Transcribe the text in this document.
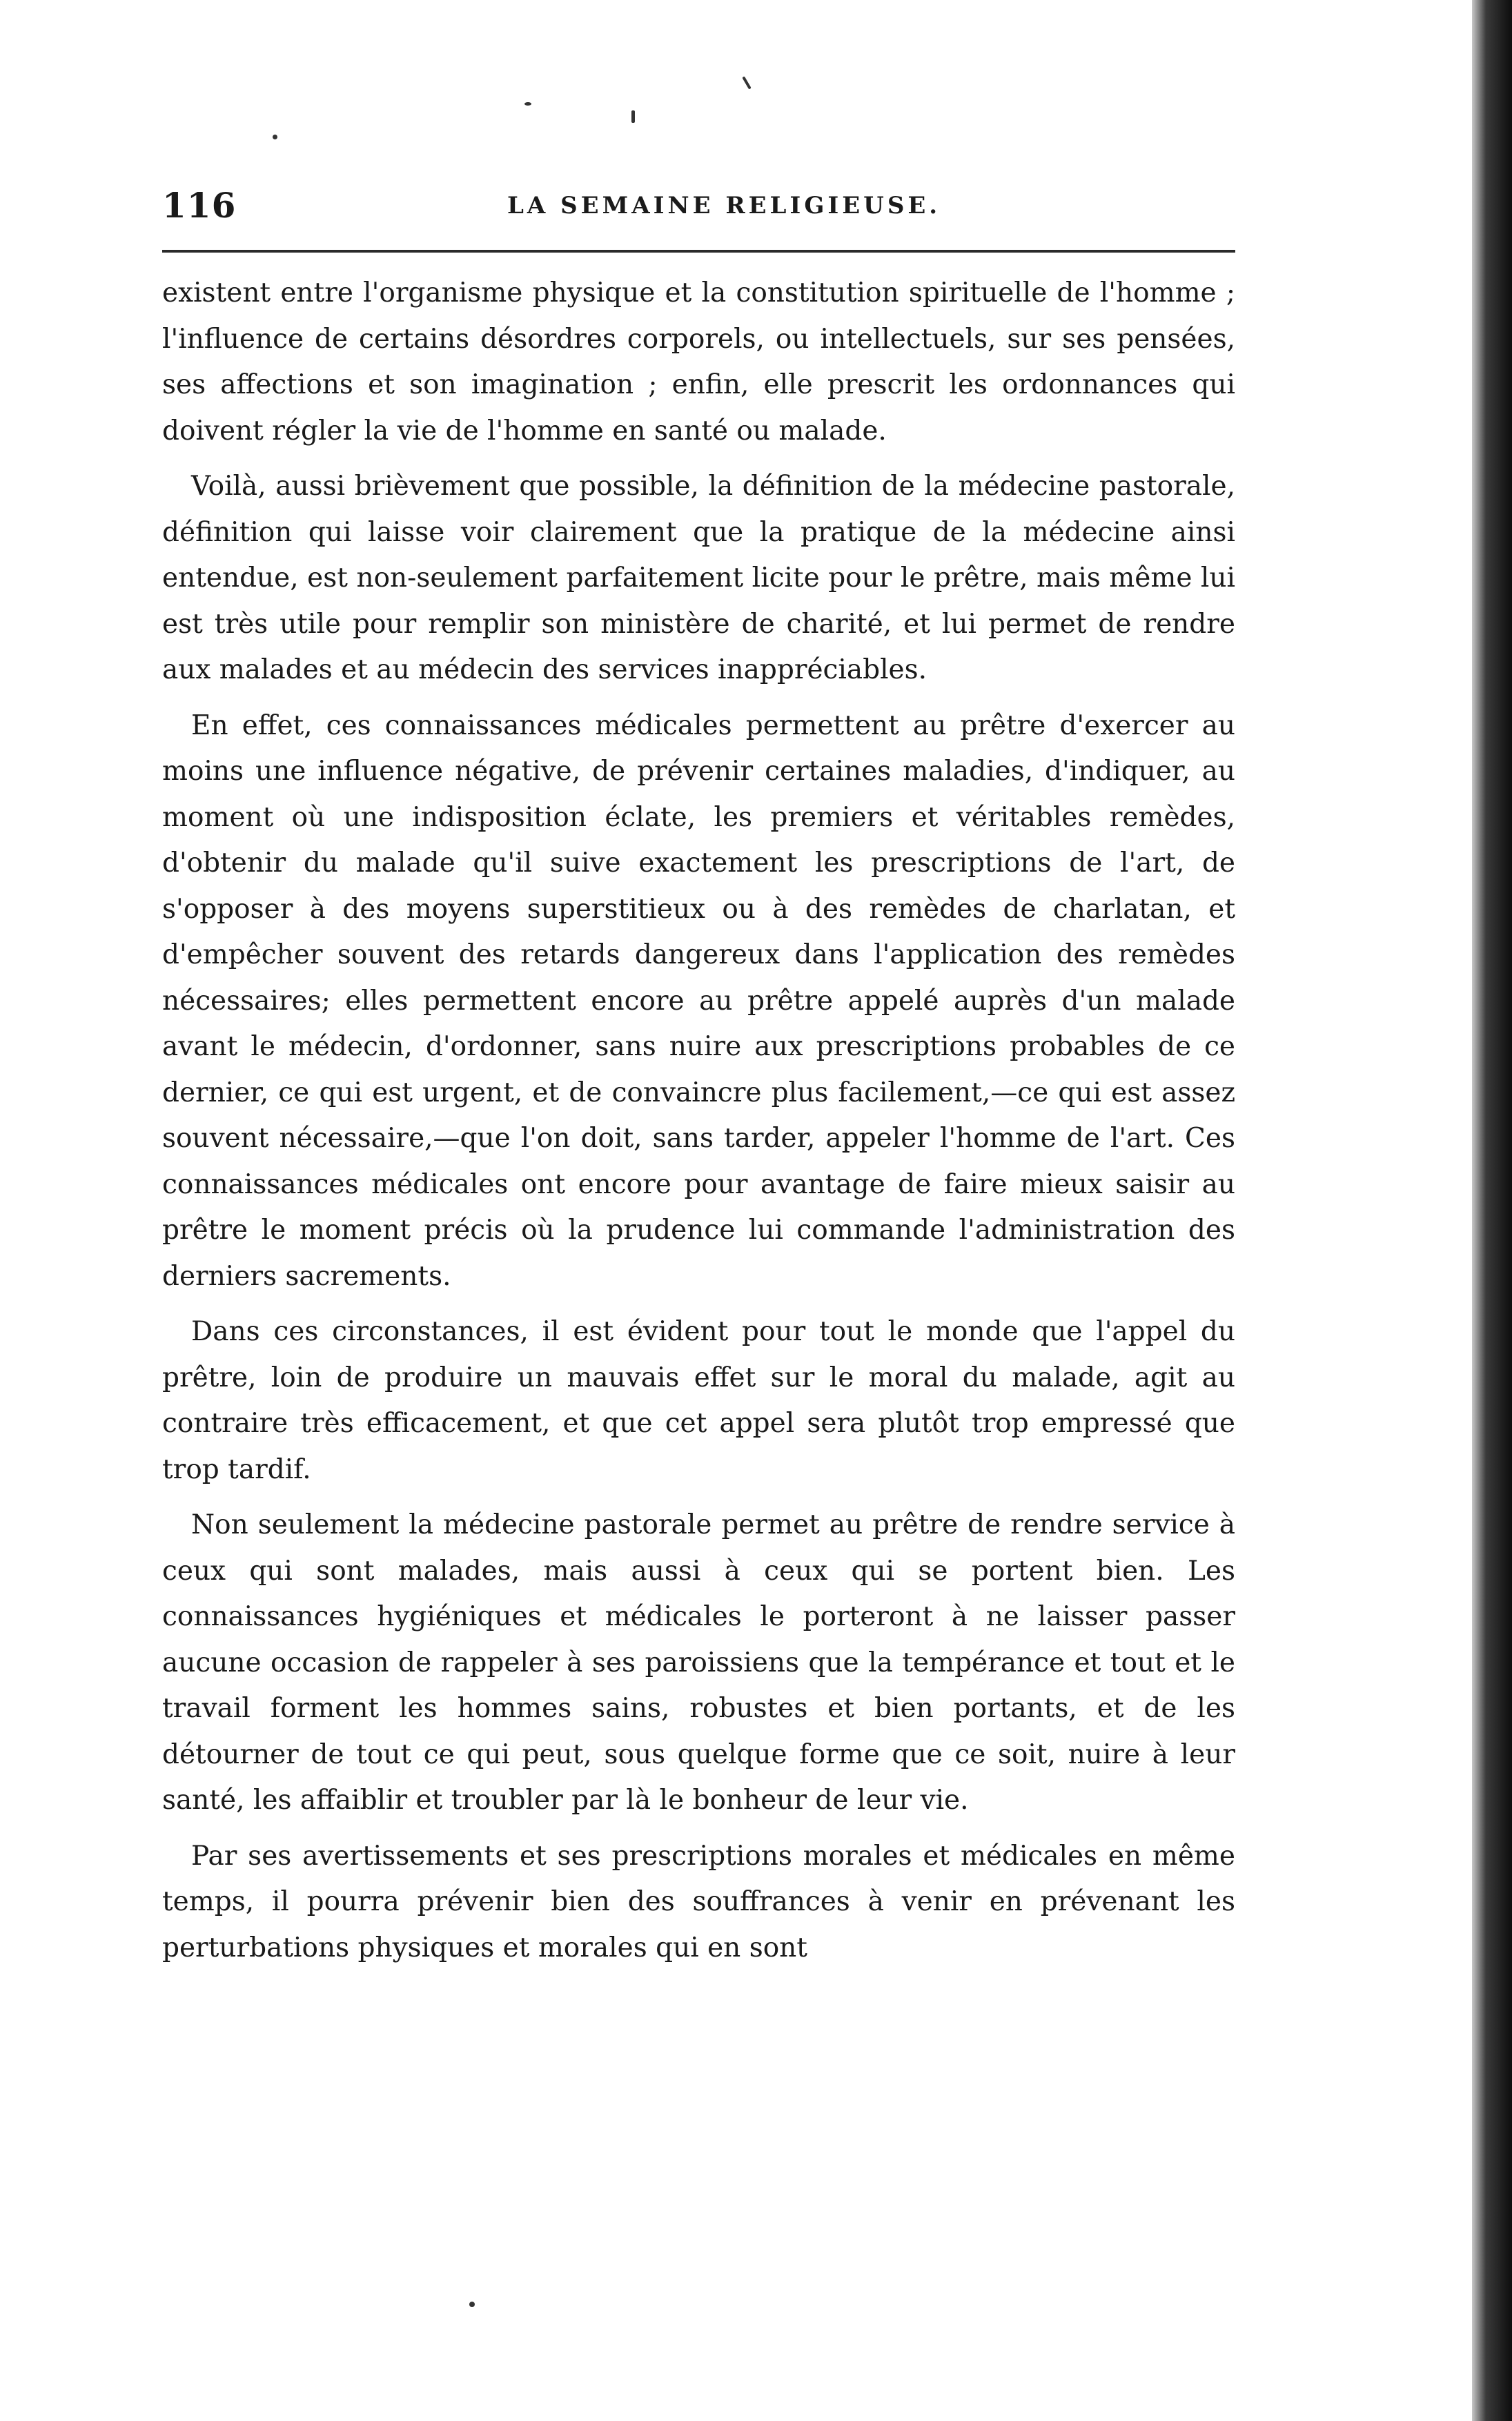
116	LA SEMAINE RELIGIEUSE.

existent entre l'organisme physique et la constitution spirituelle de l'homme ; l'influence de certains désordres corporels, ou intellectuels, sur ses pensées, ses affections et son imagination ; enfin, elle prescrit les ordonnances qui doivent régler la vie de l'homme en santé ou malade.

Voilà, aussi brièvement que possible, la définition de la médecine pastorale, définition qui laisse voir clairement que la pratique de la médecine ainsi entendue, est non-seulement parfaitement licite pour le prêtre, mais même lui est très utile pour remplir son ministère de charité, et lui permet de rendre aux malades et au médecin des services inappréciables.

En effet, ces connaissances médicales permettent au prêtre d'exercer au moins une influence négative, de prévenir certaines maladies, d'indiquer, au moment où une indisposition éclate, les premiers et véritables remèdes, d'obtenir du malade qu'il suive exactement les prescriptions de l'art, de s'opposer à des moyens superstitieux ou à des remèdes de charlatan, et d'empêcher souvent des retards dangereux dans l'application des remèdes nécessaires; elles permettent encore au prêtre appelé auprès d'un malade avant le médecin, d'ordonner, sans nuire aux prescriptions probables de ce dernier, ce qui est urgent, et de convaincre plus facilement,—ce qui est assez souvent nécessaire,—que l'on doit, sans tarder, appeler l'homme de l'art. Ces connaissances médicales ont encore pour avantage de faire mieux saisir au prêtre le moment précis où la prudence lui commande l'administration des derniers sacrements.

Dans ces circonstances, il est évident pour tout le monde que l'appel du prêtre, loin de produire un mauvais effet sur le moral du malade, agit au contraire très efficacement, et que cet appel sera plutôt trop empressé que trop tardif.

Non seulement la médecine pastorale permet au prêtre de rendre service à ceux qui sont malades, mais aussi à ceux qui se portent bien. Les connaissances hygiéniques et médicales le porteront à ne laisser passer aucune occasion de rappeler à ses paroissiens que la tempérance et tout et le travail forment les hommes sains, robustes et bien portants, et de les détourner de tout ce qui peut, sous quelque forme que ce soit, nuire à leur santé, les affaiblir et troubler par là le bonheur de leur vie.

Par ses avertissements et ses prescriptions morales et médicales en même temps, il pourra prévenir bien des souffrances à venir en prévenant les perturbations physiques et morales qui en sont
